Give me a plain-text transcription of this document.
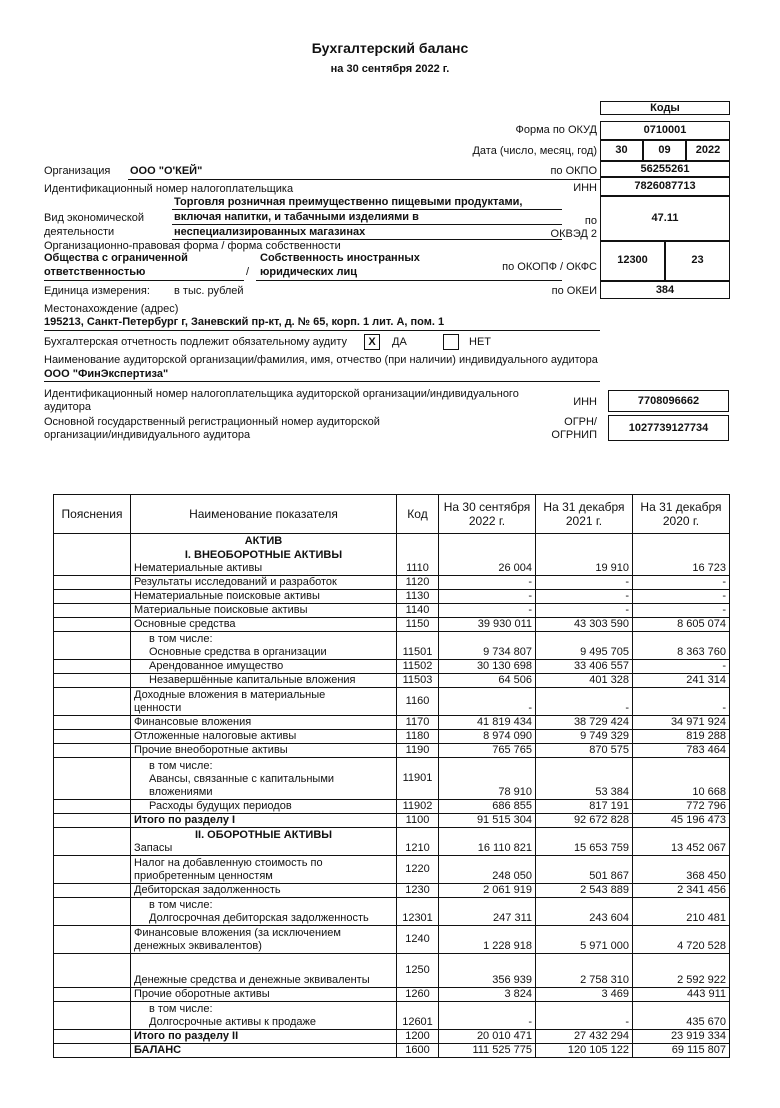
Бухгалтерский баланс
на 30 сентября 2022 г.
Коды
Форма по ОКУД	0710001
Дата (число, месяц, год)	30	09	2022
по ОКПО	56255261
ИНН	7826087713
по
ОКВЭД 2
47.11
по ОКОПФ / ОКФС
12300	23
по ОКЕИ	384
Организация ООО "О'КЕЙ"
Идентификационный номер налогоплательщика
Вид экономической
деятельности
Торговля розничная преимущественно пищевыми продуктами,
включая напитки, и табачными изделиями в
неспециализированных магазинах
Организационно-правовая форма / форма собственности
Общества с ограниченной
ответственностью	/
Собственность иностранных
юридических лиц
Единица измерения: в тыс. рублей
Местонахождение (адрес)
195213, Санкт-Петербург г, Заневский пр-кт, д. № 65, корп. 1 лит. А, пом. 1
Бухгалтерская отчетность подлежит обязательному аудиту	X	ДА	НЕТ
Наименование аудиторской организации/фамилия, имя, отчество (при наличии) индивидуального аудитора
ООО "ФинЭкспертиза"
Идентификационный номер налогоплательщика аудиторской организации/индивидуального
аудитора	ИНН	7708096662
Основной государственный регистрационный номер аудиторской
организации/индивидуального аудитора
ОГРН/
ОГРНИП
1027739127734
Пояснения	Наименование показателя	Код	На 30 сентября 2022 г.	На 31 декабря 2021 г.	На 31 декабря 2020 г.
	АКТИВ				
	I. ВНЕОБОРОТНЫЕ АКТИВЫ				
	Нематериальные активы	1110	26 004	19 910	16 723
	Результаты исследований и разработок	1120	-	-	-
	Нематериальные поисковые активы	1130	-	-	-
	Материальные поисковые активы	1140	-	-	-
	Основные средства	1150	39 930 011	43 303 590	8 605 074

	в том числе:
Основные средства в организации	11501	9 734 807	9 495 705	8 363 760
	Арендованное имущество	11502	30 130 698	33 406 557	-
	Незавершённые капитальные вложения	11503	64 506	401 328	241 314

	Доходные вложения в материальные
ценности	1160	-	-	-
	Финансовые вложения	1170	41 819 434	38 729 424	34 971 924
	Отложенные налоговые активы	1180	8 974 090	9 749 329	819 288
	Прочие внеоборотные активы	1190	765 765	870 575	783 464

	в том числе:
Авансы, связанные с капитальными
вложениями	11901	78 910	53 384	10 668
	Расходы будущих периодов	11902	686 855	817 191	772 796
	Итого по разделу I	1100	91 515 304	92 672 828	45 196 473

	II. ОБОРОТНЫЕ АКТИВЫ
Запасы	1210	16 110 821	15 653 759	13 452 067

	Налог на добавленную стоимость по
приобретенным ценностям	1220	248 050	501 867	368 450
	Дебиторская задолженность	1230	2 061 919	2 543 889	2 341 456

	в том числе:
Долгосрочная дебиторская задолженность	12301	247 311	243 604	210 481

	Финансовые вложения (за исключением
денежных эквивалентов)	1240	1 228 918	5 971 000	4 720 528
	Денежные средства и денежные эквиваленты	1250	356 939	2 758 310	2 592 922
	Прочие оборотные активы	1260	3 824	3 469	443 911

	в том числе:
Долгосрочные активы к продаже	12601	-	-	435 670
	Итого по разделу II	1200	20 010 471	27 432 294	23 919 334
	БАЛАНС	1600	111 525 775	120 105 122	69 115 807
